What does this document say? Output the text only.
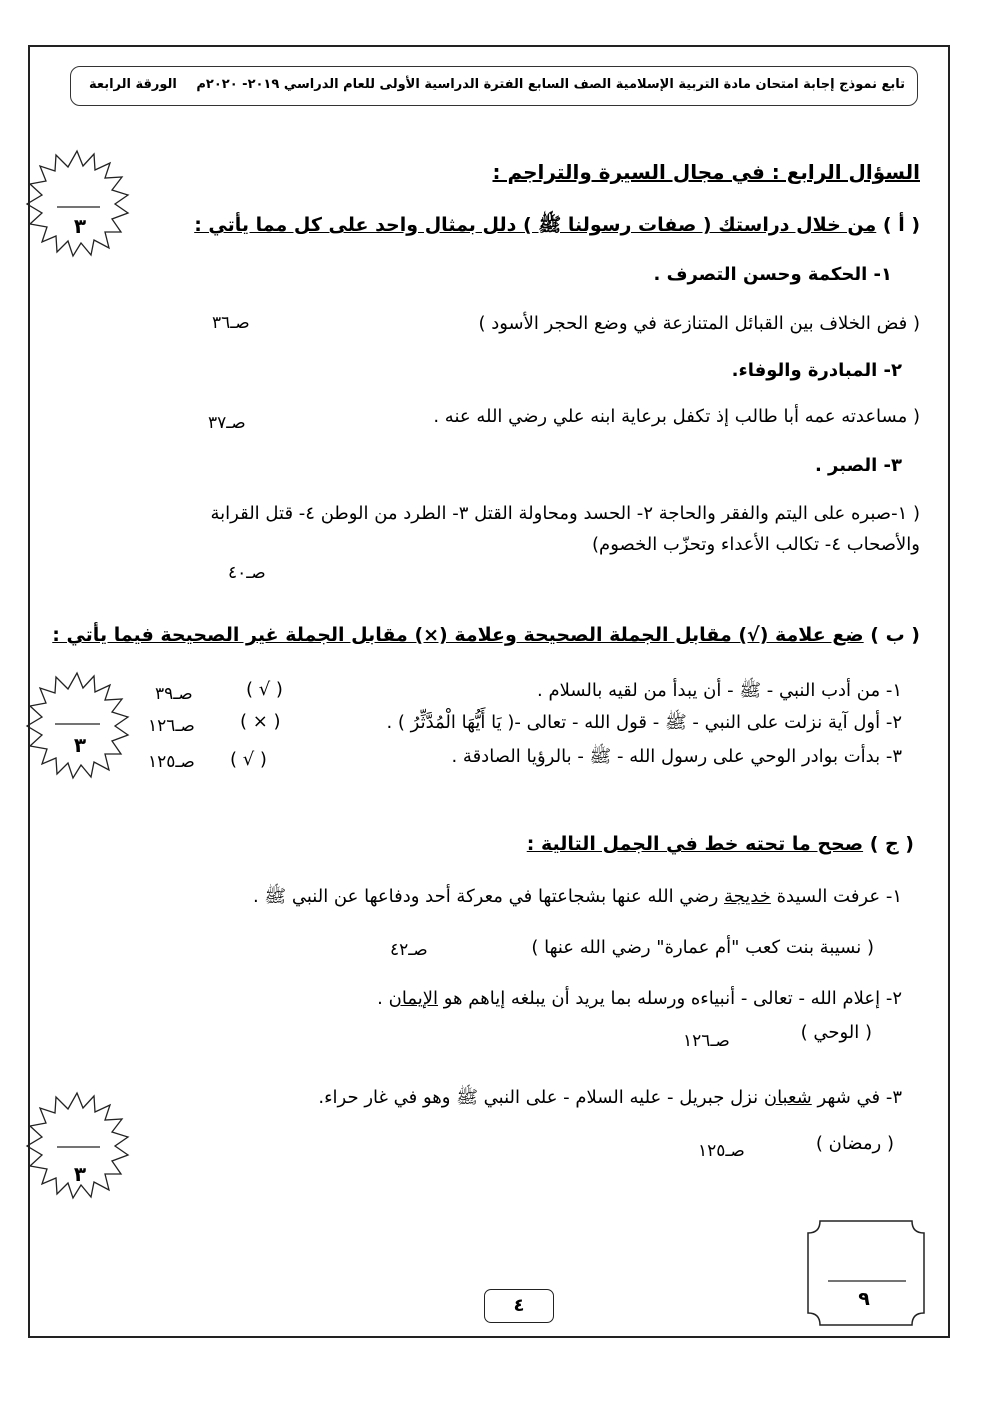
تابع نموذج إجابة امتحان مادة التربية الإسلامية الصف السابع الفترة الدراسية الأولى للعام الدراسي ٢٠١٩- ٢٠٢٠م
الورقة الرابعة
٣
٣
٣
السؤال الرابع : في مجال السيرة والتراجم :
( أ ) من خلال دراستك ( صفات رسولنا ﷺ ) دلل بمثال واحد على كل مما يأتي :
١- الحكمة وحسن التصرف .
( فض الخلاف بين القبائل المتنازعة في وضع الحجر الأسود )
صـ٣٦
٢- المبادرة والوفاء.
( مساعدته عمه أبا طالب إذ تكفل برعاية ابنه علي رضي الله عنه .
صـ٣٧
٣- الصبر .
( ١-صبره على اليتم والفقر والحاجة ٢- الحسد ومحاولة القتل ٣- الطرد من الوطن ٤- قتل القرابة
والأصحاب ٤- تكالب الأعداء وتحزّب الخصوم)
صـ٤٠
( ب ) ضع علامة (√) مقابل الجملة الصحيحة وعلامة (×) مقابل الجملة غير الصحيحة فيما يأتي :
١- من أدب النبي - ﷺ - أن يبدأ من لقيه بالسلام .
( √ )
صـ٣٩
٢- أول آية نزلت على النبي - ﷺ - قول الله - تعالى -( يَا أَيُّهَا الْمُدَّثِّرُ ) .
( × )
صـ١٢٦
٣- بدأت بوادر الوحي على رسول الله - ﷺ - بالرؤيا الصادقة .
( √ )
صـ١٢٥
( ج ) صحح ما تحته خط في الجمل التالية :
١- عرفت السيدة خديجة رضي الله عنها بشجاعتها في معركة أحد ودفاعها عن النبي ﷺ .
( نسيبة بنت كعب "أم عمارة" رضي الله عنها )
صـ٤٢
٢- إعلام الله - تعالى - أنبياءه ورسله بما يريد أن يبلغه إياهم هو الإيمان .
( الوحي )
صـ١٢٦
٣- في شهر شعبان نزل جبريل - عليه السلام - على النبي ﷺ وهو في غار حراء.
( رمضان )
صـ١٢٥
٤	٩
